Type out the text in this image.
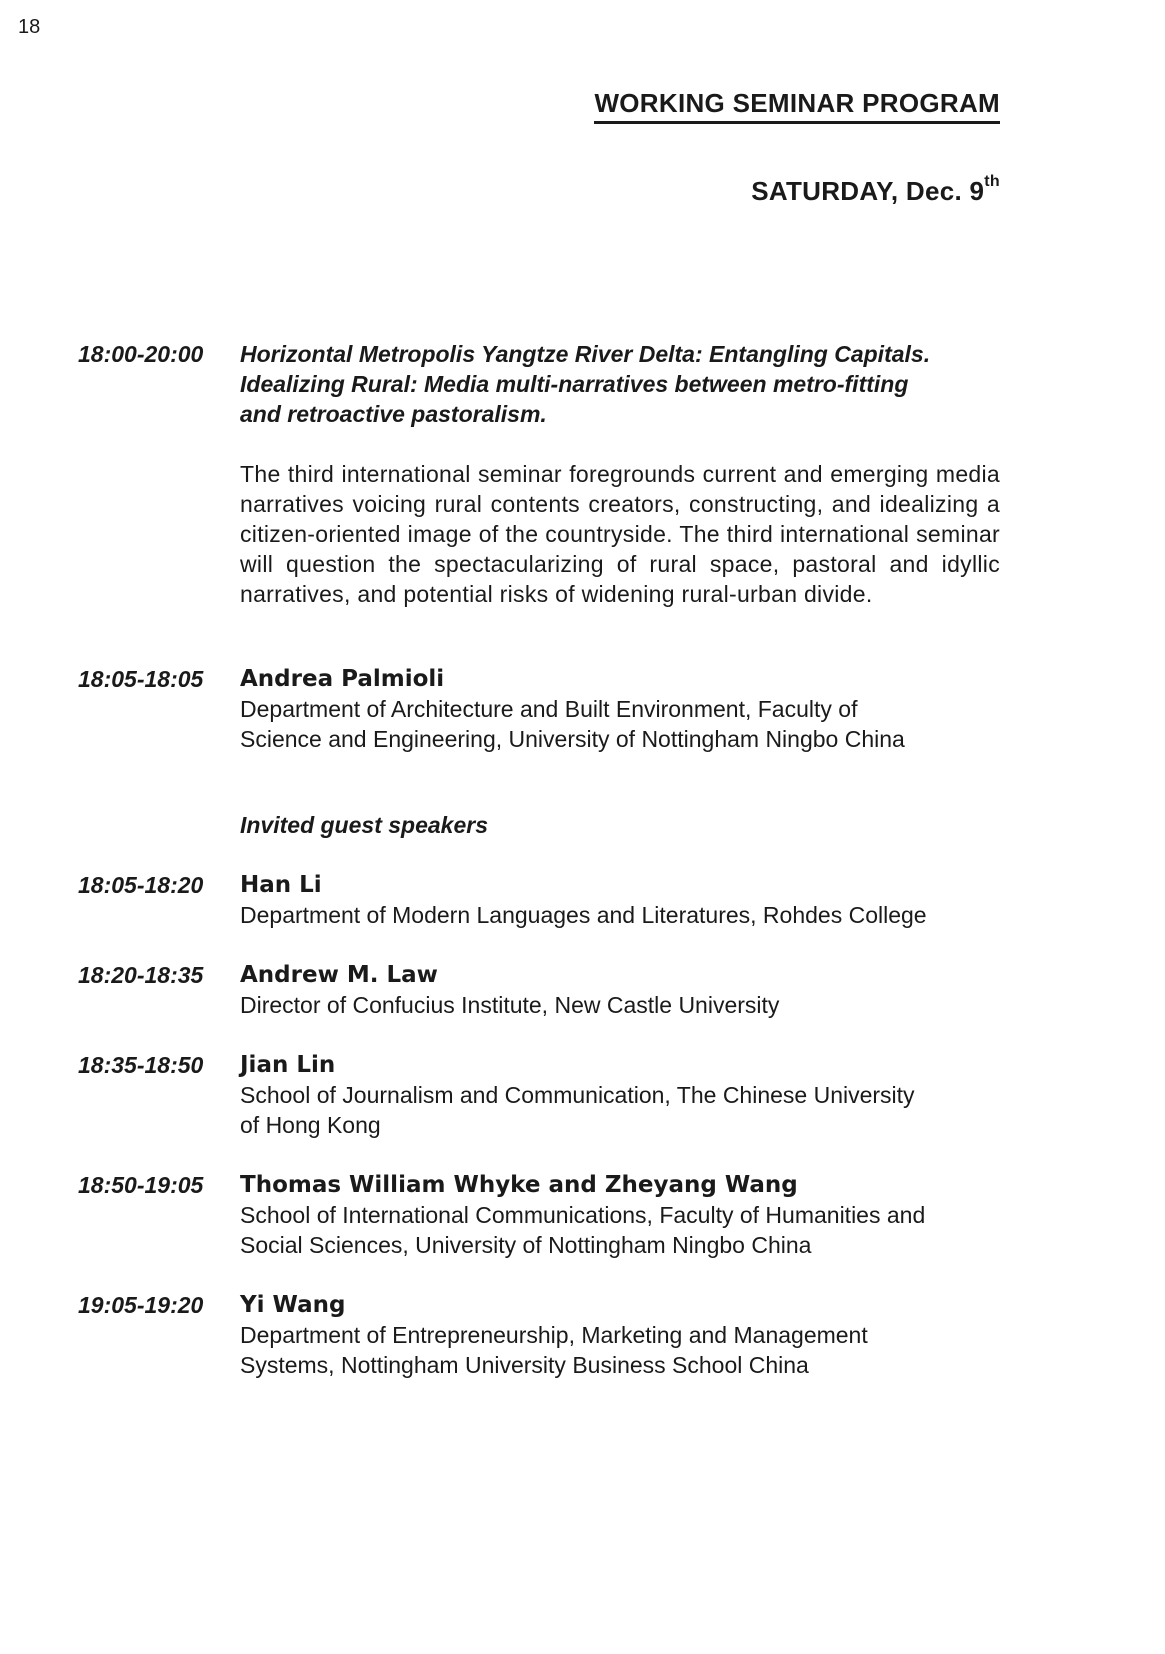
18
WORKING SEMINAR PROGRAM
SATURDAY, Dec. 9th
18:00-20:00	Horizontal Metropolis Yangtze River Delta: Entangling Capitals.
Idealizing Rural: Media multi-narratives between metro-fitting
and retroactive pastoralism.
The third international seminar foregrounds current and emerging media narratives voicing rural contents creators, constructing, and idealizing a citizen-oriented image of the countryside. The third international seminar will question the spectacularizing of rural space, pastoral and idyllic narratives, and potential risks of widening rural-urban divide.
18:05-18:05	Andrea Palmioli
Department of Architecture and Built Environment, Faculty of
Science and Engineering, University of Nottingham Ningbo China
Invited guest speakers
18:05-18:20	Han Li
Department of Modern Languages and Literatures, Rohdes College
18:20-18:35	Andrew M. Law
Director of Confucius Institute, New Castle University
18:35-18:50	Jian Lin
School of Journalism and Communication, The Chinese University
of Hong Kong
18:50-19:05	Thomas William Whyke and Zheyang Wang
School of International Communications, Faculty of Humanities and
Social Sciences, University of Nottingham Ningbo China
19:05-19:20	Yi Wang
Department of Entrepreneurship, Marketing and Management
Systems, Nottingham University Business School China
